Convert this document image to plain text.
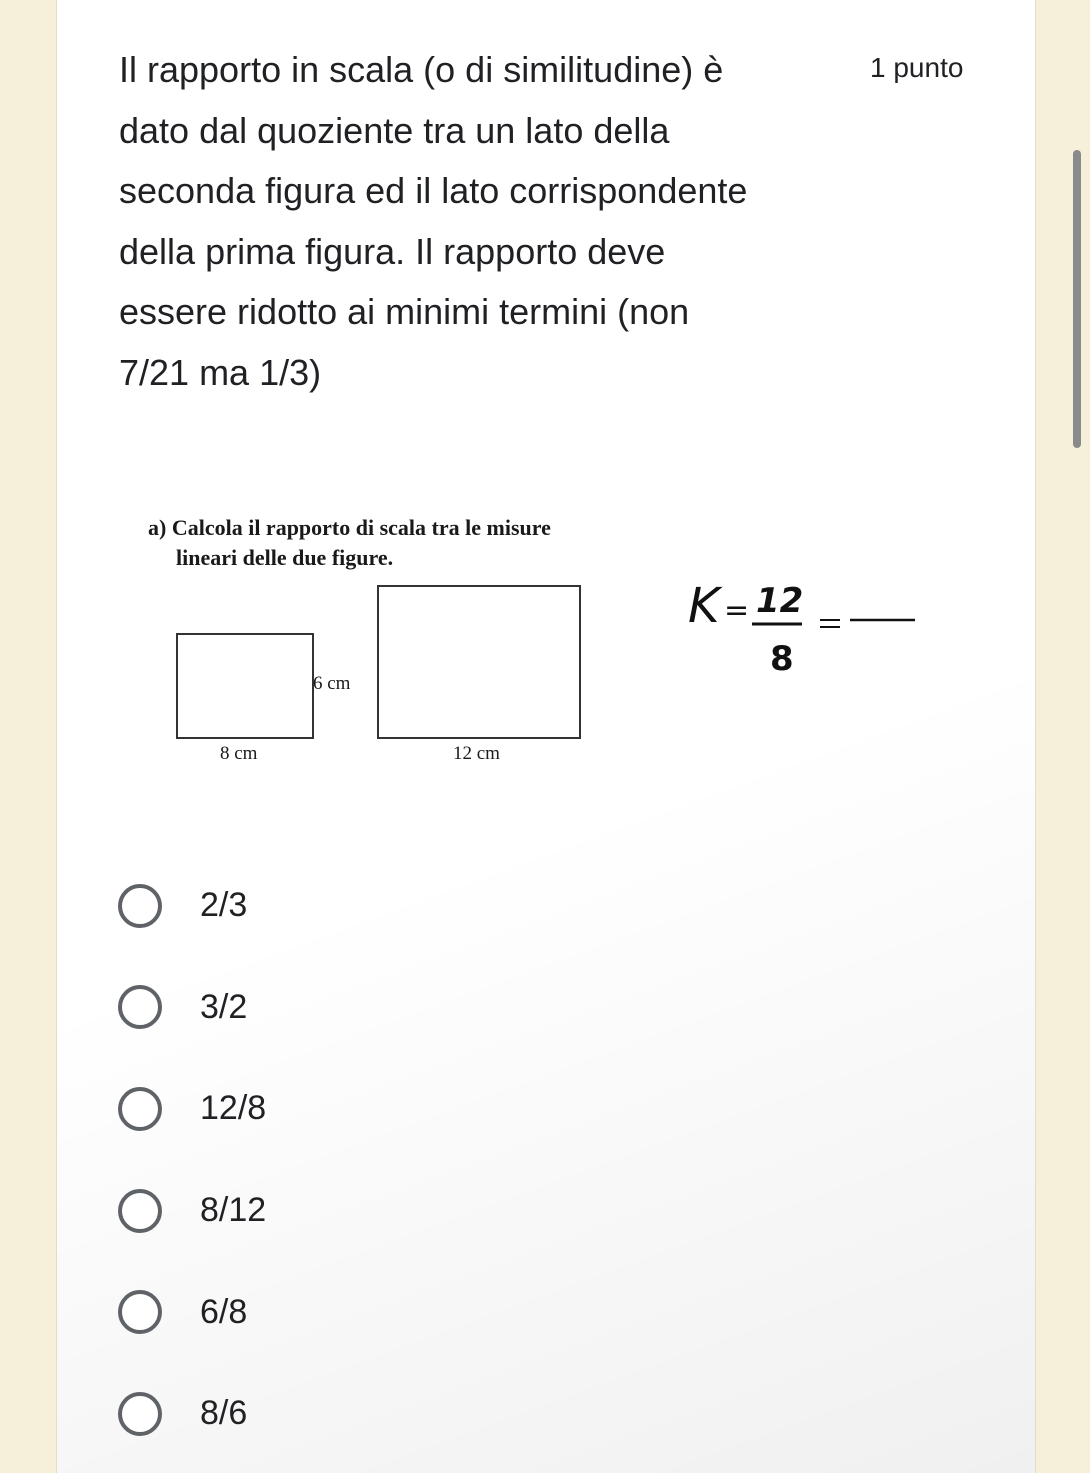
Il rapporto in scala (o di similitudine) è
dato dal quoziente tra un lato della
seconda figura ed il lato corrispondente
della prima figura. Il rapporto deve
essere ridotto ai minimi termini (non
7/21 ma 1/3)
1 punto
a) Calcola il rapporto di scala tra le misure
lineari delle due figure.
6 cm
8 cm	12 cm
K = 12
8
2/3
3/2
12/8
8/12
6/8
8/6
